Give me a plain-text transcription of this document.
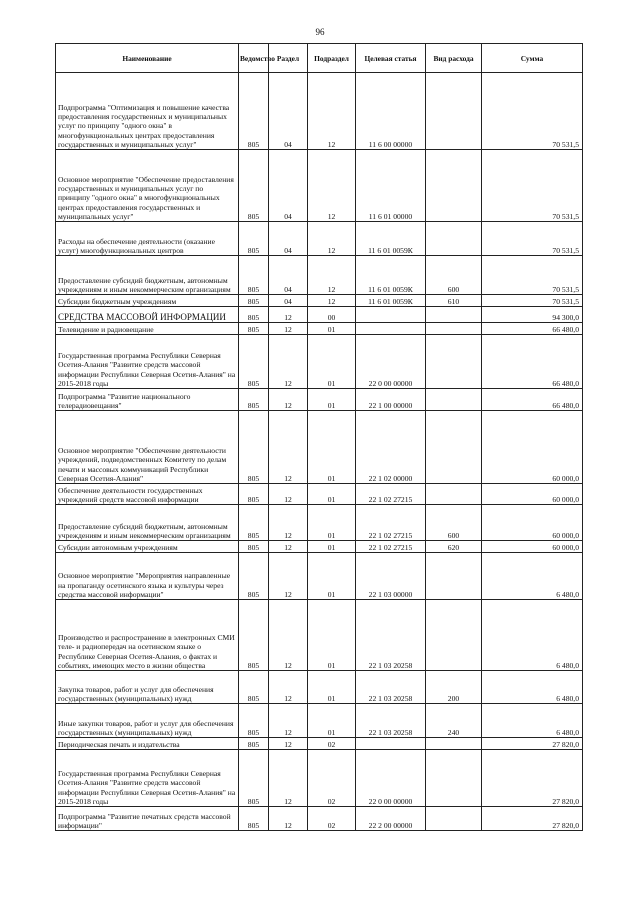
96
Наименование	Ведомство	Раздел	Подраздел	Целевая статья	Вид расхода	Сумма
Подпрограмма "Оптимизация и повышение качества предоставления государственных и муниципальных услуг по принципу "одного окна" в многофункциональных центрах предоставления государственных и муниципальных услуг"	805	04	12	11 6 00 00000		70 531,5
Основное мероприятие "Обеспечение предоставления государственных и муниципальных услуг по принципу "одного окна" в многофункциональных центрах предоставления государственных и муниципальных услуг"	805	04	12	11 6 01 00000		70 531,5
Расходы на обеспечение деятельности (оказание услуг) многофункциональных центров	805	04	12	11 6 01 0059К		70 531,5
Предоставление субсидий бюджетным, автономным учреждениям и иным некоммерческим организациям	805	04	12	11 6 01 0059К	600	70 531,5
Субсидии бюджетным учреждениям	805	04	12	11 6 01 0059К	610	70 531,5
СРЕДСТВА МАССОВОЙ ИНФОРМАЦИИ	805	12	00			94 300,0
Телевидение и радиовещание	805	12	01			66 480,0
Государственная программа Республики Северная Осетия-Алания "Развитие средств массовой информации Республики Северная Осетия-Алания" на 2015-2018 годы	805	12	01	22 0 00 00000		66 480,0
Подпрограмма "Развитие национального телерадиовещания"	805	12	01	22 1 00 00000		66 480,0
Основное мероприятие "Обеспечение деятельности учреждений, подведомственных Комитету по делам печати и массовых коммуникаций Республики Северная Осетия-Алания"	805	12	01	22 1 02 00000		60 000,0
Обеспечение деятельности государственных учреждений средств массовой информации	805	12	01	22 1 02 27215		60 000,0
Предоставление субсидий бюджетным, автономным учреждениям и иным некоммерческим организациям	805	12	01	22 1 02 27215	600	60 000,0
Субсидии автономным учреждениям	805	12	01	22 1 02 27215	620	60 000,0
Основное мероприятие "Мероприятия направленные на пропаганду осетинского языка и культуры через средства массовой информации"	805	12	01	22 1 03 00000		6 480,0
Производство и распространение в электронных СМИ теле- и радиопередач на осетинском языке о Республике Северная Осетия-Алания, о фактах и событиях, имеющих место в жизни общества	805	12	01	22 1 03 20258		6 480,0
Закупка товаров, работ и услуг для обеспечения государственных (муниципальных) нужд	805	12	01	22 1 03 20258	200	6 480,0
Иные закупки товаров, работ и услуг для обеспечения государственных (муниципальных) нужд	805	12	01	22 1 03 20258	240	6 480,0
Периодическая печать и издательства	805	12	02			27 820,0
Государственная программа Республики Северная Осетия-Алания "Развитие средств массовой информации Республики Северная Осетия-Алания" на 2015-2018 годы	805	12	02	22 0 00 00000		27 820,0
Подпрограмма "Развитие печатных средств массовой информации"	805	12	02	22 2 00 00000		27 820,0
